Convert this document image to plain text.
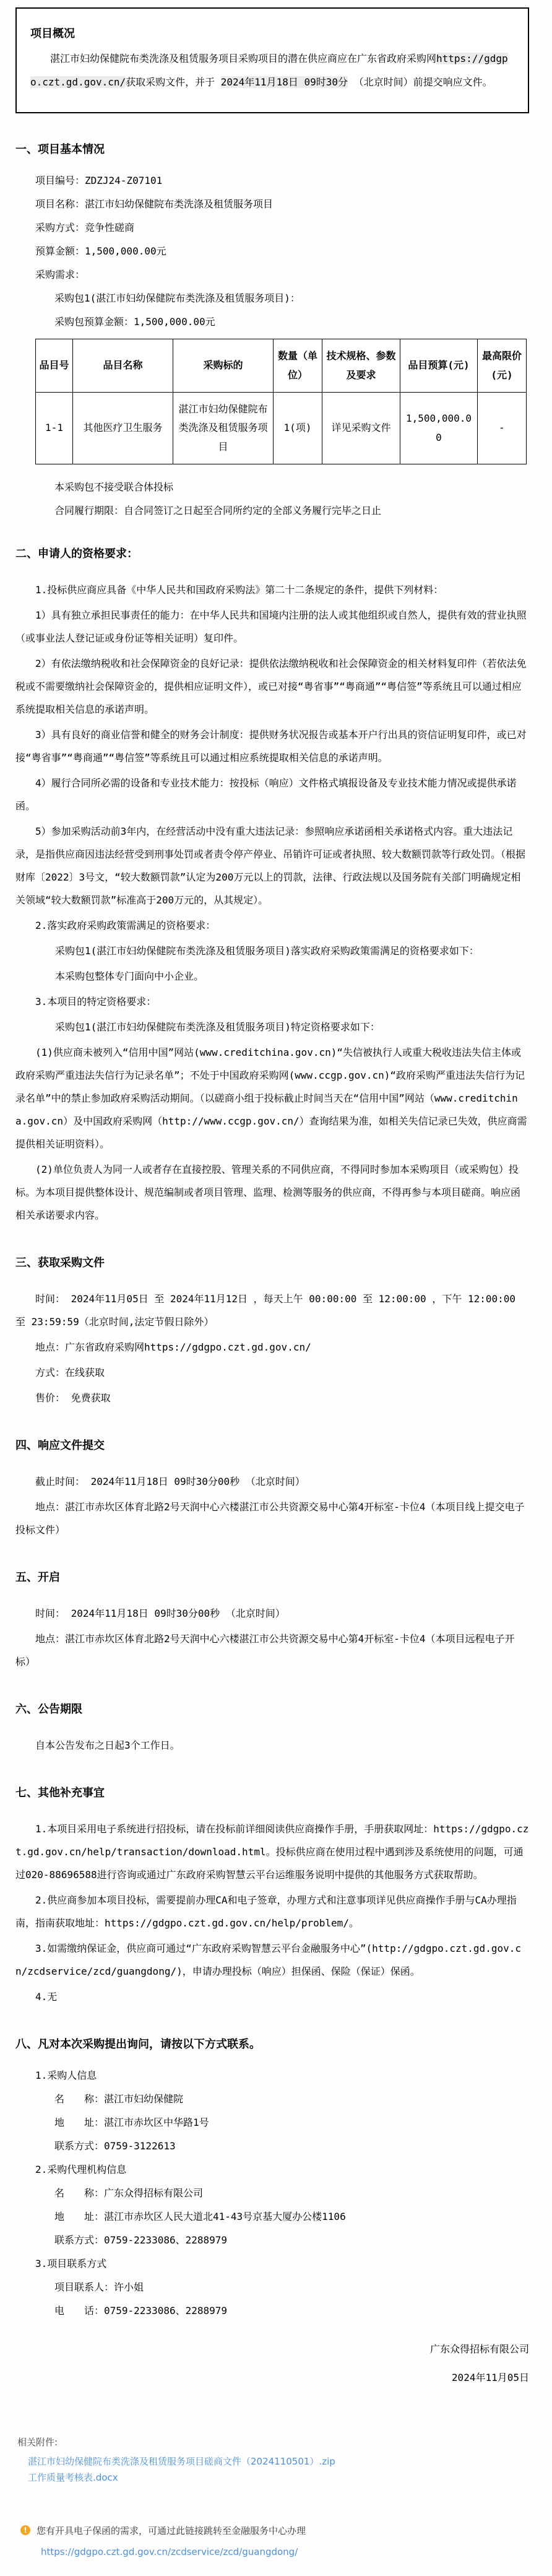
项目概况
湛江市妇幼保健院布类洗涤及租赁服务项目采购项目的潜在供应商应在广东省政府采购网https://gdgpo.czt.gd.gov.cn/获取采购文件，并于 2024年11月18日 09时30分 （北京时间）前提交响应文件。
一、项目基本情况
项目编号：ZDZJ24-Z07101
项目名称：湛江市妇幼保健院布类洗涤及租赁服务项目
采购方式：竞争性磋商
预算金额：1,500,000.00元
采购需求：
采购包1(湛江市妇幼保健院布类洗涤及租赁服务项目)：
采购包预算金额：1,500,000.00元
品目号	品目名称	采购标的	数量（单位）	技术规格、参数及要求	品目预算(元)	最高限价(元)
1-1	其他医疗卫生服务	湛江市妇幼保健院布类洗涤及租赁服务项目	1(项)	详见采购文件	1,500,000.00	-
本采购包不接受联合体投标
合同履行期限：自合同签订之日起至合同所约定的全部义务履行完毕之日止
二、申请人的资格要求：
1.投标供应商应具备《中华人民共和国政府采购法》第二十二条规定的条件，提供下列材料：
1）具有独立承担民事责任的能力：在中华人民共和国境内注册的法人或其他组织或自然人，提供有效的营业执照（或事业法人登记证或身份证等相关证明）复印件。
2）有依法缴纳税收和社会保障资金的良好记录：提供依法缴纳税收和社会保障资金的相关材料复印件（若依法免税或不需要缴纳社会保障资金的，提供相应证明文件），或已对接“粤省事”“粤商通”“粤信签”等系统且可以通过相应系统提取相关信息的承诺声明。
3）具有良好的商业信誉和健全的财务会计制度：提供财务状况报告或基本开户行出具的资信证明复印件，或已对接“粤省事”“粤商通”“粤信签”等系统且可以通过相应系统提取相关信息的承诺声明。
4）履行合同所必需的设备和专业技术能力：按投标（响应）文件格式填报设备及专业技术能力情况或提供承诺函。
5）参加采购活动前3年内，在经营活动中没有重大违法记录：参照响应承诺函相关承诺格式内容。重大违法记录，是指供应商因违法经营受到刑事处罚或者责令停产停业、吊销许可证或者执照、较大数额罚款等行政处罚。（根据财库〔2022〕3号文，“较大数额罚款”认定为200万元以上的罚款，法律、行政法规以及国务院有关部门明确规定相关领域“较大数额罚款”标准高于200万元的，从其规定）。
2.落实政府采购政策需满足的资格要求：
采购包1(湛江市妇幼保健院布类洗涤及租赁服务项目)落实政府采购政策需满足的资格要求如下：
本采购包整体专门面向中小企业。
3.本项目的特定资格要求：
采购包1(湛江市妇幼保健院布类洗涤及租赁服务项目)特定资格要求如下：
(1)供应商未被列入“信用中国”网站(www.creditchina.gov.cn)“失信被执行人或重大税收违法失信主体或政府采购严重违法失信行为记录名单”；不处于中国政府采购网(www.ccgp.gov.cn)“政府采购严重违法失信行为记录名单”中的禁止参加政府采购活动期间。（以磋商小组于投标截止时间当天在“信用中国”网站（www.creditchina.gov.cn）及中国政府采购网（http://www.ccgp.gov.cn/）查询结果为准，如相关失信记录已失效，供应商需提供相关证明资料）。
(2)单位负责人为同一人或者存在直接控股、管理关系的不同供应商，不得同时参加本采购项目（或采购包）投标。为本项目提供整体设计、规范编制或者项目管理、监理、检测等服务的供应商，不得再参与本项目磋商。响应函相关承诺要求内容。
三、获取采购文件
时间： 2024年11月05日 至 2024年11月12日 ，每天上午 00:00:00 至 12:00:00 ，下午 12:00:00 至 23:59:59（北京时间,法定节假日除外）
地点：广东省政府采购网https://gdgpo.czt.gd.gov.cn/
方式：在线获取
售价： 免费获取
四、响应文件提交
截止时间： 2024年11月18日 09时30分00秒 （北京时间）
地点：湛江市赤坎区体育北路2号天润中心六楼湛江市公共资源交易中心第4开标室-卡位4（本项目线上提交电子投标文件）
五、开启
时间： 2024年11月18日 09时30分00秒 （北京时间）
地点：湛江市赤坎区体育北路2号天润中心六楼湛江市公共资源交易中心第4开标室-卡位4（本项目远程电子开标）
六、公告期限
自本公告发布之日起3个工作日。
七、其他补充事宜
1.本项目采用电子系统进行招投标，请在投标前详细阅读供应商操作手册，手册获取网址：https://gdgpo.czt.gd.gov.cn/help/transaction/download.html。投标供应商在使用过程中遇到涉及系统使用的问题，可通过020-88696588进行咨询或通过广东政府采购智慧云平台运维服务说明中提供的其他服务方式获取帮助。
2.供应商参加本项目投标，需要提前办理CA和电子签章，办理方式和注意事项详见供应商操作手册与CA办理指南，指南获取地址：https://gdgpo.czt.gd.gov.cn/help/problem/。
3.如需缴纳保证金，供应商可通过“广东政府采购智慧云平台金融服务中心”(http://gdgpo.czt.gd.gov.cn/zcdservice/zcd/guangdong/)，申请办理投标（响应）担保函、保险（保证）保函。
4.无
八、凡对本次采购提出询问，请按以下方式联系。
1.采购人信息
名　　称：湛江市妇幼保健院
地　　址：湛江市赤坎区中华路1号
联系方式：0759-3122613
2.采购代理机构信息
名　　称：广东众得招标有限公司
地　　址：湛江市赤坎区人民大道北41-43号京基大厦办公楼1106
联系方式：0759-2233086、2288979
3.项目联系方式
项目联系人：许小姐
电　　话：0759-2233086、2288979
广东众得招标有限公司
2024年11月05日
相关附件:
湛江市妇幼保健院布类洗涤及租赁服务项目磋商文件（2024110501）.zip
工作质量考核表.docx
!	您有开具电子保函的需求，可通过此链接跳转至金融服务中心办理
https://gdgpo.czt.gd.gov.cn/zcdservice/zcd/guangdong/
